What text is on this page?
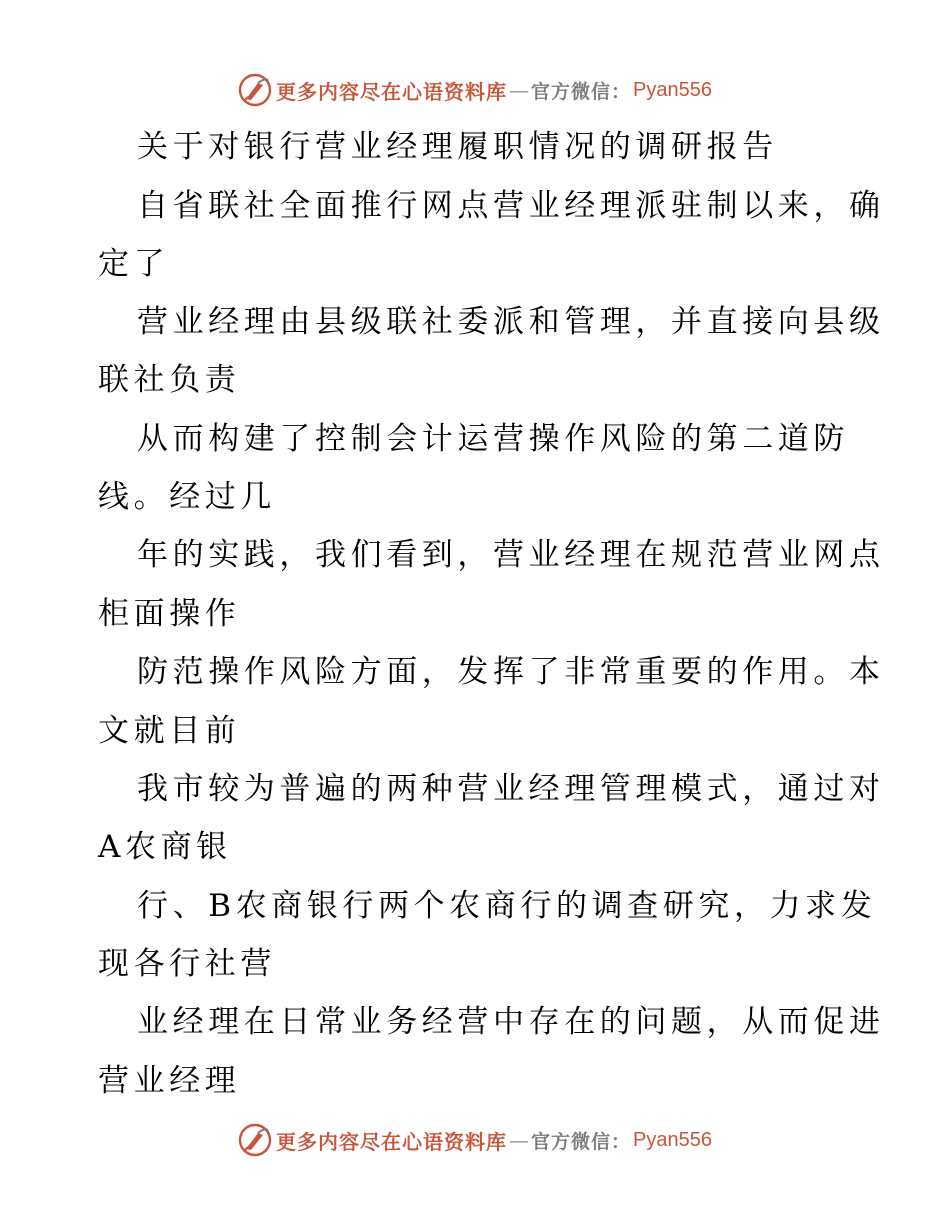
更多内容尽在心语资料库 — 官方微信： Pyan556
关于对银行营业经理履职情况的调研报告
自省联社全面推行网点营业经理派驻制以来，确
定了
营业经理由县级联社委派和管理，并直接向县级
联社负责
从而构建了控制会计运营操作风险的第二道防
线。经过几
年的实践，我们看到，营业经理在规范营业网点
柜面操作
防范操作风险方面，发挥了非常重要的作用。本
文就目前
我市较为普遍的两种营业经理管理模式，通过对
A农商银
行、B农商银行两个农商行的调查研究，力求发
现各行社营
业经理在日常业务经营中存在的问题，从而促进
营业经理
更多内容尽在心语资料库 — 官方微信： Pyan556
